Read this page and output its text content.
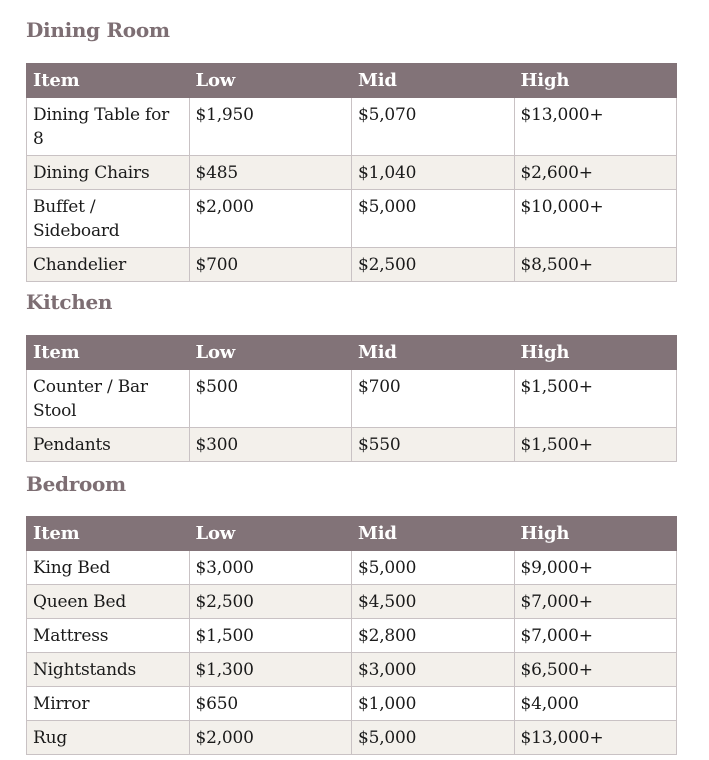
Dining Room
Item	Low	Mid	High
Dining Table for 8	$1,950	$5,070	$13,000+
Dining Chairs	$485	$1,040	$2,600+
Buffet / Sideboard	$2,000	$5,000	$10,000+
Chandelier	$700	$2,500	$8,500+
Kitchen
Item	Low	Mid	High
Counter / Bar Stool	$500	$700	$1,500+
Pendants	$300	$550	$1,500+
Bedroom
Item	Low	Mid	High
King Bed	$3,000	$5,000	$9,000+
Queen Bed	$2,500	$4,500	$7,000+
Mattress	$1,500	$2,800	$7,000+
Nightstands	$1,300	$3,000	$6,500+
Mirror	$650	$1,000	$4,000
Rug	$2,000	$5,000	$13,000+
